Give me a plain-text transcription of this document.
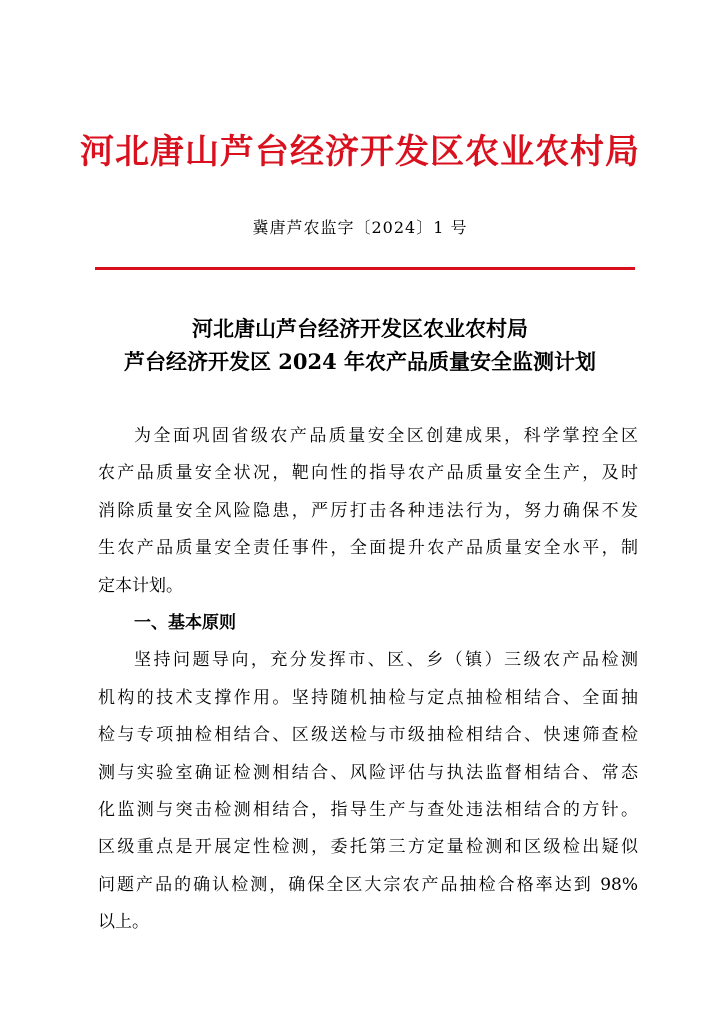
河北唐山芦台经济开发区农业农村局
冀唐芦农监字〔2024〕1 号
河北唐山芦台经济开发区农业农村局
芦台经济开发区 2024 年农产品质量安全监测计划
为全面巩固省级农产品质量安全区创建成果，科学掌控全区
农产品质量安全状况，靶向性的指导农产品质量安全生产，及时
消除质量安全风险隐患，严厉打击各种违法行为，努力确保不发
生农产品质量安全责任事件，全面提升农产品质量安全水平，制
定本计划。
一、基本原则
坚持问题导向，充分发挥市、区、乡（镇）三级农产品检测
机构的技术支撑作用。坚持随机抽检与定点抽检相结合、全面抽
检与专项抽检相结合、区级送检与市级抽检相结合、快速筛查检
测与实验室确证检测相结合、风险评估与执法监督相结合、常态
化监测与突击检测相结合，指导生产与查处违法相结合的方针。
区级重点是开展定性检测，委托第三方定量检测和区级检出疑似
问题产品的确认检测，确保全区大宗农产品抽检合格率达到 98%
以上。
